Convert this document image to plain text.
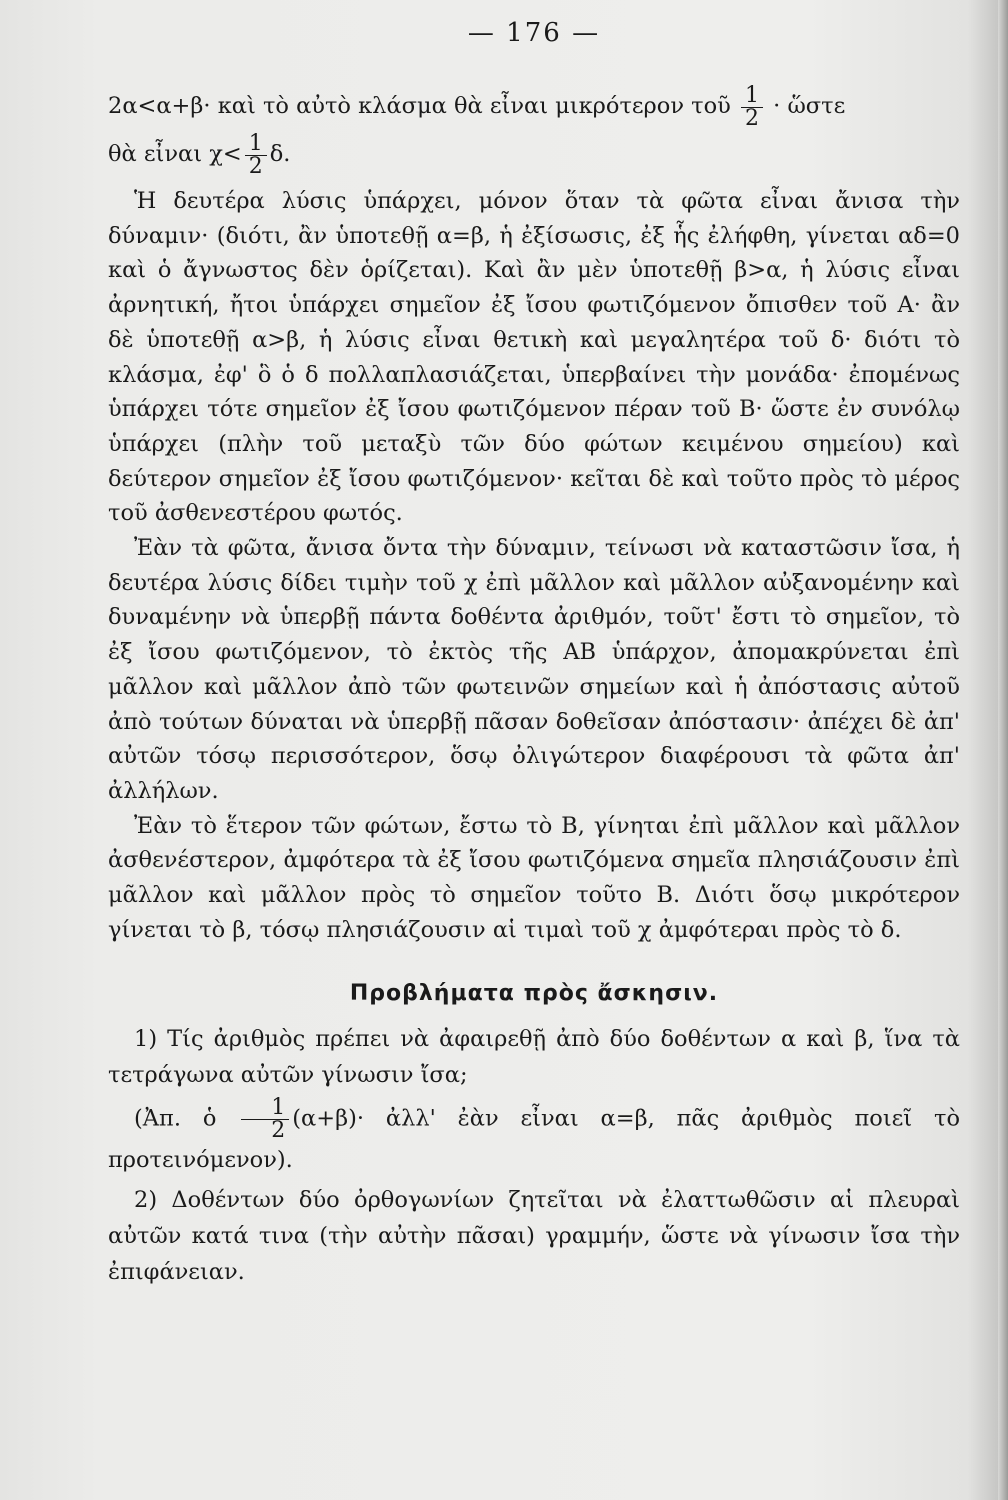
— 176 —

2α<α+β· καὶ τὸ αὐτὸ κλάσμα θὰ εἶναι μικρότερον τοῦ $\frac{1}{2}$ · ὥστε

θὰ εἶναι $\chi< \frac{1}{2} \delta$.

Ἡ δευτέρα λύσις ὑπάρχει, μόνον ὅταν τὰ φῶτα εἶναι ἄνισα τὴν δύναμιν· (διότι, ἂν ὑποτεθῇ α=β, ἡ ἐξίσωσις, ἐξ ἧς ἐλήφθη, γίνεται αδ=0 καὶ ὁ ἄγνωστος δὲν ὁρίζεται). Καὶ ἂν μὲν ὑποτεθῇ β>α, ἡ λύσις εἶναι ἀρνητική, ἤτοι ὑπάρχει σημεῖον ἐξ ἴσου φωτιζόμενον ὄπισθεν τοῦ Α· ἂν δὲ ὑποτεθῇ α>β, ἡ λύσις εἶναι θετικὴ καὶ μεγαλητέρα τοῦ δ· διότι τὸ κλάσμα, ἐφ' ὃ ὁ δ πολλαπλασιάζεται, ὑπερβαίνει τὴν μονάδα· ἐπομένως ὑπάρχει τότε σημεῖον ἐξ ἴσου φωτιζόμενον πέραν τοῦ Β· ὥστε ἐν συνόλῳ ὑπάρχει (πλὴν τοῦ μεταξὺ τῶν δύο φώτων κειμένου σημείου) καὶ δεύτερον σημεῖον ἐξ ἴσου φωτιζόμενον· κεῖται δὲ καὶ τοῦτο πρὸς τὸ μέρος τοῦ ἀσθενεστέρου φωτός.

Ἐὰν τὰ φῶτα, ἄνισα ὄντα τὴν δύναμιν, τείνωσι νὰ καταστῶσιν ἴσα, ἡ δευτέρα λύσις δίδει τιμὴν τοῦ χ ἐπὶ μᾶλλον καὶ μᾶλλον αὐξανομένην καὶ δυναμένην νὰ ὑπερβῇ πάντα δοθέντα ἀριθμόν, τοῦτ' ἔστι τὸ σημεῖον, τὸ ἐξ ἴσου φωτιζόμενον, τὸ ἐκτὸς τῆς ΑΒ ὑπάρχον, ἀπομακρύνεται ἐπὶ μᾶλλον καὶ μᾶλλον ἀπὸ τῶν φωτεινῶν σημείων καὶ ἡ ἀπόστασις αὐτοῦ ἀπὸ τούτων δύναται νὰ ὑπερβῇ πᾶσαν δοθεῖσαν ἀπόστασιν· ἀπέχει δὲ ἀπ' αὐτῶν τόσῳ περισσότερον, ὅσῳ ὀλιγώτερον διαφέρουσι τὰ φῶτα ἀπ' ἀλλήλων.

Ἐὰν τὸ ἕτερον τῶν φώτων, ἔστω τὸ Β, γίνηται ἐπὶ μᾶλλον καὶ μᾶλλον ἀσθενέστερον, ἀμφότερα τὰ ἐξ ἴσου φωτιζόμενα σημεῖα πλησιάζουσιν ἐπὶ μᾶλλον καὶ μᾶλλον πρὸς τὸ σημεῖον τοῦτο Β. Διότι ὅσῳ μικρότερον γίνεται τὸ β, τόσῳ πλησιάζουσιν αἱ τιμαὶ τοῦ χ ἀμφότεραι πρὸς τὸ δ.

Προβλήματα πρὸς ἄσκησιν.

1) Τίς ἀριθμὸς πρέπει νὰ ἀφαιρεθῇ ἀπὸ δύο δοθέντων α καὶ β, ἵνα τὰ τετράγωνα αὐτῶν γίνωσιν ἴσα;

(Ἀπ. ὁ $\frac{1}{2} (\alpha+\beta)\cdot$ ἀλλ' ἐὰν εἶναι α=β, πᾶς ἀριθμὸς ποιεῖ τὸ προτεινόμενον).

2) Δοθέντων δύο ὀρθογωνίων ζητεῖται νὰ ἐλαττωθῶσιν αἱ πλευραὶ αὐτῶν κατά τινα (τὴν αὐτὴν πᾶσαι) γραμμήν, ὥστε νὰ γίνωσιν ἴσα τὴν ἐπιφάνειαν.
